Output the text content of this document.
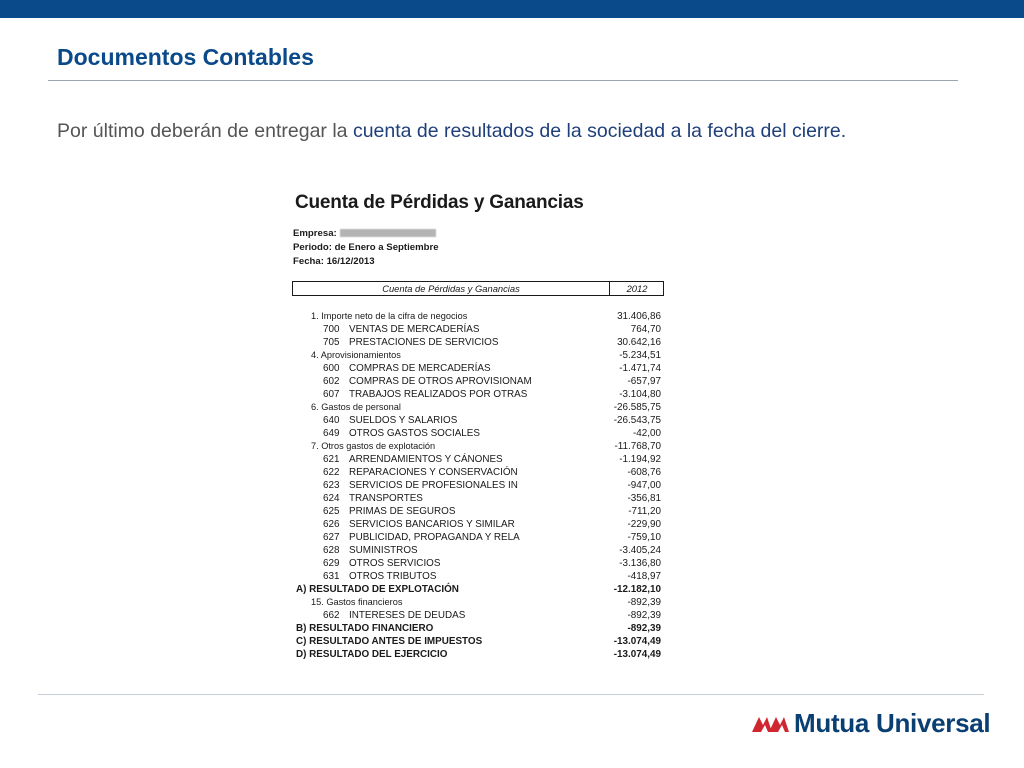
Documentos Contables
Por último deberán de entregar la cuenta de resultados de la sociedad a la fecha del cierre.
Cuenta de Pérdidas y Ganancias
Empresa:
Periodo: de Enero a Septiembre
Fecha: 16/12/2013
Cuenta de Pérdidas y Ganancias	2012
1. Importe neto de la cifra de negocios	31.406,86
700 VENTAS DE MERCADERÍAS	764,70
705 PRESTACIONES DE SERVICIOS	30.642,16
4. Aprovisionamientos	-5.234,51
600 COMPRAS DE MERCADERÍAS	-1.471,74
602 COMPRAS DE OTROS APROVISIONAM	-657,97
607 TRABAJOS REALIZADOS POR OTRAS	-3.104,80
6. Gastos de personal	-26.585,75
640 SUELDOS Y SALARIOS	-26.543,75
649 OTROS GASTOS SOCIALES	-42,00
7. Otros gastos de explotación	-11.768,70
621 ARRENDAMIENTOS Y CÁNONES	-1.194,92
622 REPARACIONES Y CONSERVACIÓN	-608,76
623 SERVICIOS DE PROFESIONALES IN	-947,00
624 TRANSPORTES	-356,81
625 PRIMAS DE SEGUROS	-711,20
626 SERVICIOS BANCARIOS Y SIMILAR	-229,90
627 PUBLICIDAD, PROPAGANDA Y RELA	-759,10
628 SUMINISTROS	-3.405,24
629 OTROS SERVICIOS	-3.136,80
631 OTROS TRIBUTOS	-418,97
A) RESULTADO DE EXPLOTACIÓN	-12.182,10
15. Gastos financieros	-892,39
662 INTERESES DE DEUDAS	-892,39
B) RESULTADO FINANCIERO	-892,39
C) RESULTADO ANTES DE IMPUESTOS	-13.074,49
D) RESULTADO DEL EJERCICIO	-13.074,49
Mutua Universal
